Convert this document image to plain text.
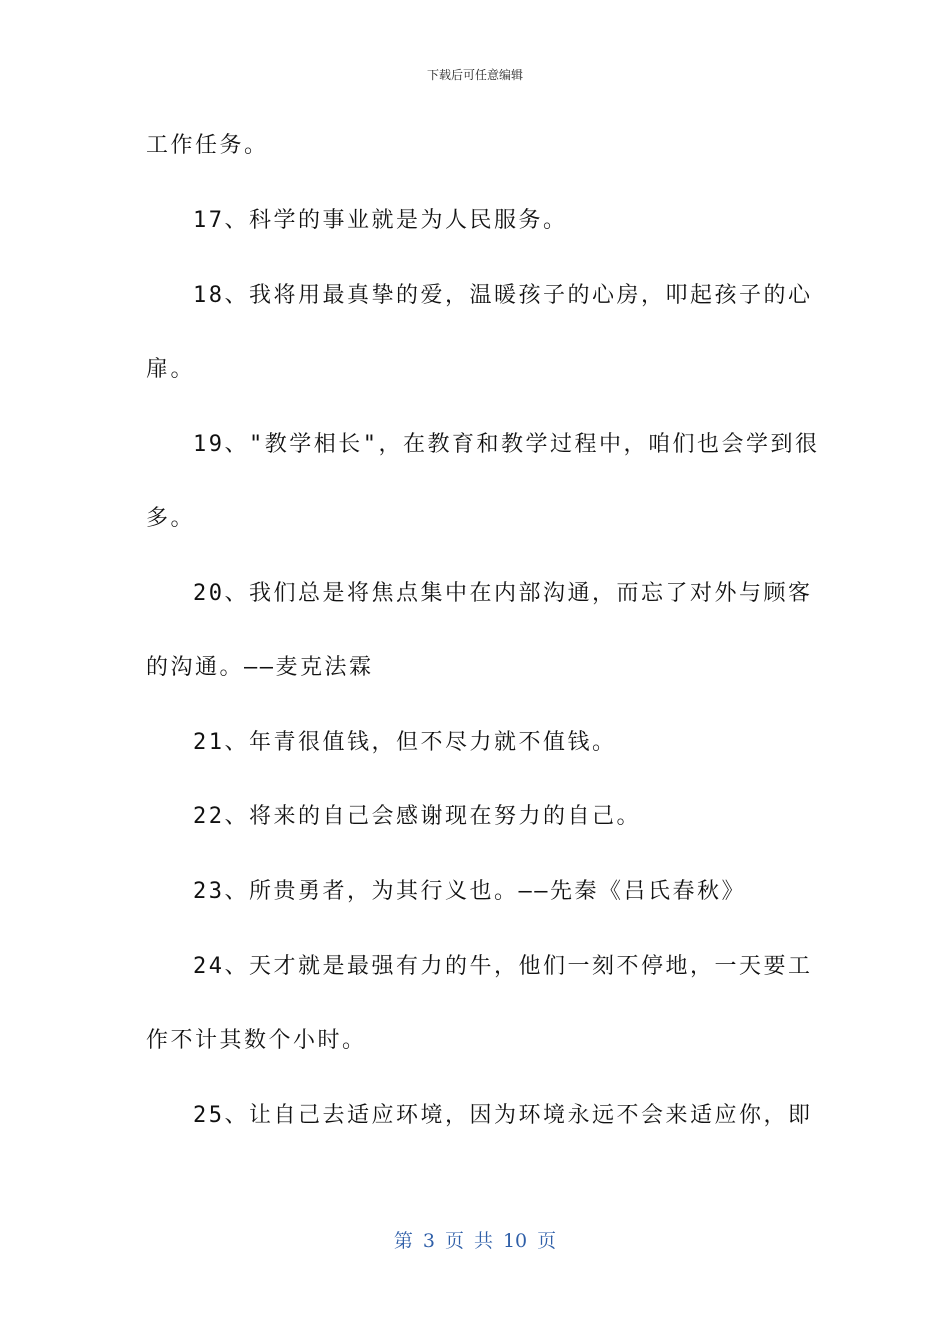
下载后可任意编辑
工作任务。
17、科学的事业就是为人民服务。
18、我将用最真挚的爱，温暖孩子的心房，叩起孩子的心
扉。
19、"教学相长"，在教育和教学过程中，咱们也会学到很
多。
20、我们总是将焦点集中在内部沟通，而忘了对外与顾客
的沟通。——麦克法霖
21、年青很值钱，但不尽力就不值钱。
22、将来的自己会感谢现在努力的自己。
23、所贵勇者，为其行义也。——先秦《吕氏春秋》
24、天才就是最强有力的牛，他们一刻不停地，一天要工
作不计其数个小时。
25、让自己去适应环境，因为环境永远不会来适应你，即
第 3 页 共 10 页
